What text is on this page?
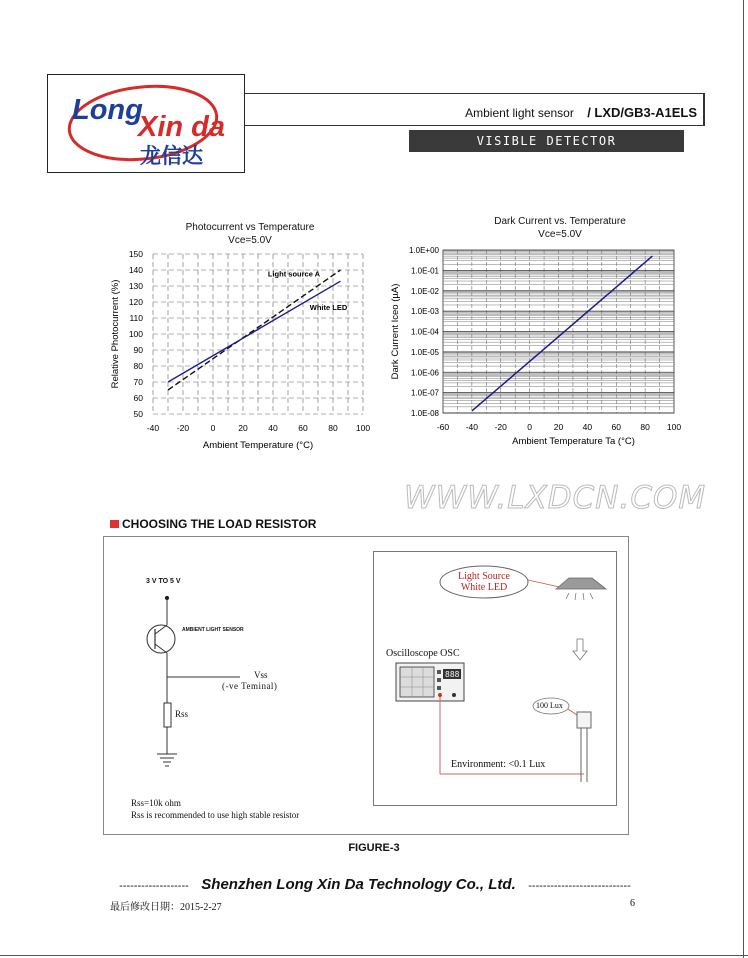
Long
Xin da
龙信达
Ambient light sensor / LXD/GB3-A1ELS
VISIBLE DETECTOR
Photocurrent vs Temperature
Vce=5.0V
50
60
70
80
90
100
110
120
130
140
150
-40 -20	0	20 40 60 80 100
Ambient Temperature (°C)
Relative Photocurrent (%)
Light source A
White LED
Dark Current vs. Temperature
Vce=5.0V
1.0E+00
1.0E-01
1.0E-02
1.0E-03
1.0E-04
1.0E-05
1.0E-06
1.0E-07
1.0E-08
-60 -40 -20 0	20 40 60 80 100
Ambient Temperature Ta (°C)
Dark Current Iceo (µA)
WWW.LXDCN.COM
CHOOSING THE LOAD RESISTOR
3 V TO 5 V
AMBIENT LIGHT SENSOR
Vss
(-ve Teminal)
Rss
Rss=10k ohm
Rss is recommended to use high stable resistor
888
Light Source
White LED
Oscilloscope OSC
100 Lux
Environment: <0.1 Lux
FIGURE-3
------------------- Shenzhen Long Xin Da Technology Co., Ltd. ----------------------------
最后修改日期：2015-2-27	6
